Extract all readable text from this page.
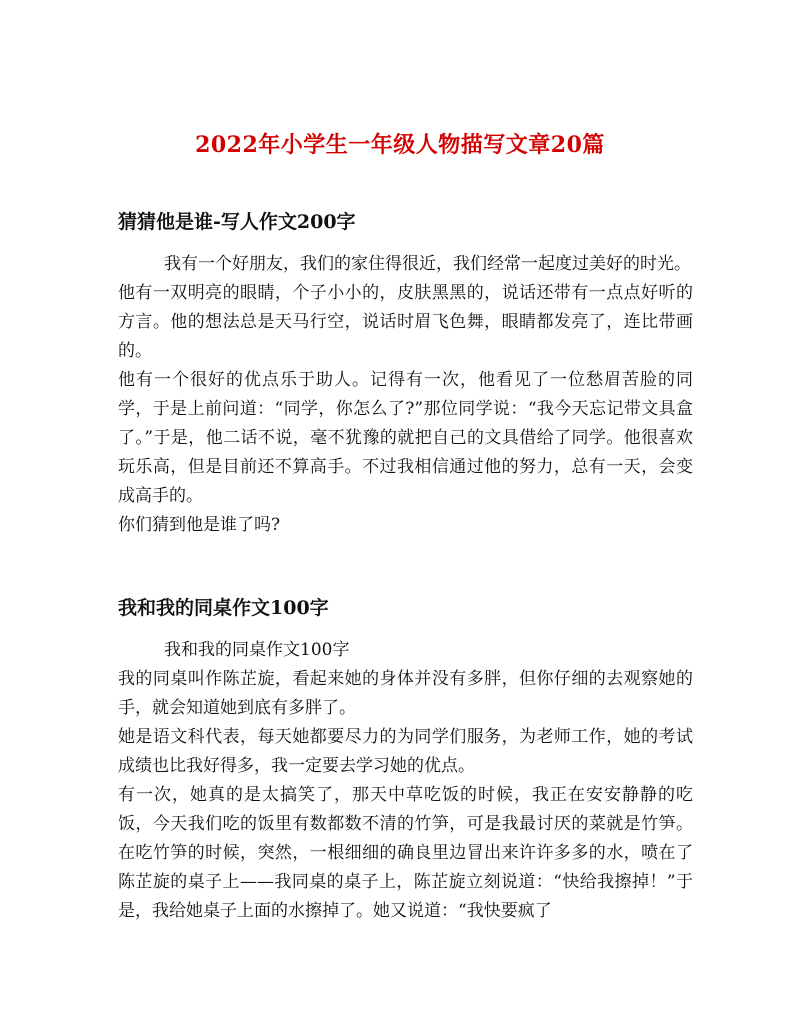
2022年小学生一年级人物描写文章20篇
猜猜他是谁-写人作文200字

我有一个好朋友，我们的家住得很近，我们经常一起度过美好的时光。

他有一双明亮的眼睛，个子小小的，皮肤黑黑的，说话还带有一点点好听的方言。他的想法总是天马行空，说话时眉飞色舞，眼睛都发亮了，连比带画的。

他有一个很好的优点乐于助人。记得有一次，他看见了一位愁眉苦脸的同学，于是上前问道：“同学，你怎么了?”那位同学说：“我今天忘记带文具盒了。”于是，他二话不说，毫不犹豫的就把自己的文具借给了同学。他很喜欢玩乐高，但是目前还不算高手。不过我相信通过他的努力，总有一天，会变成高手的。

你们猜到他是谁了吗?

我和我的同桌作文100字

我和我的同桌作文100字

我的同桌叫作陈芷旋，看起来她的身体并没有多胖，但你仔细的去观察她的手，就会知道她到底有多胖了。

她是语文科代表，每天她都要尽力的为同学们服务，为老师工作，她的考试成绩也比我好得多，我一定要去学习她的优点。

有一次，她真的是太搞笑了，那天中草吃饭的时候，我正在安安静静的吃饭，今天我们吃的饭里有数都数不清的竹笋，可是我最讨厌的菜就是竹笋。在吃竹笋的时候，突然，一根细细的确良里边冒出来许许多多的水，喷在了陈芷旋的桌子上——我同桌的桌子上，陈芷旋立刻说道：“快给我擦掉！”于是，我给她桌子上面的水擦掉了。她又说道：“我快要疯了
